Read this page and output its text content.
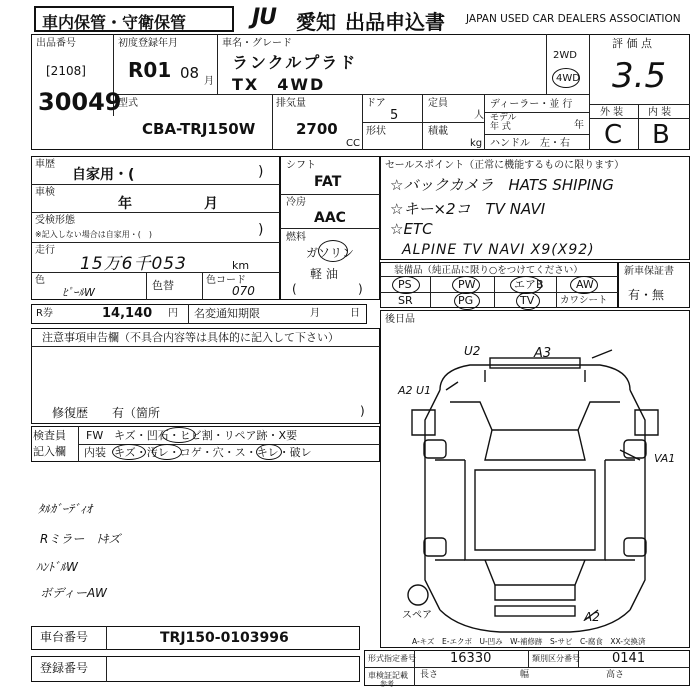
車内保管・守衛保管	JU 愛知 出品申込書 JAPAN USED CAR DEALERS ASSOCIATION
出品番号
[2108]
30049
初度登録年月
R01 08 月
車名・グレード
ランクルプラド
TX　4WD
2WD
4WD
評 価 点
3.5
外 装 内 装
C B
型式
CBA-TRJ150W
排気量
2700
CC
ドア
5
形状
定員
人
積載
kg
ディーラー・並 行
モデル
年 式	年
ハンドル　左・右
車歴
自家用・(	)
車検
年	月
受検形態
※記入しない場合は自家用・(　)	)
走行
15万6千053	km
色
ﾋﾟｰﾙW
色替	色コード
070
シフト
FAT
冷房
AAC
燃料
ガソリン
軽 油
(	)
R券	14,140 円 名変通知期限	月	日
セールスポイント（正常に機能するものに限ります）
☆バックカメラ　HATS SHIPING
☆キー×2コ　TV NAVI
☆ETC
ALPINE TV NAVI X9(X92)
装備品（純正品に限り○をつけてください）
PS	PW	エアB	AW
SR	PG	TV	カワシート
新車保証書
有・無
注意事項申告欄（不具合内容等は具体的に記入して下さい）
修復歴　　有（箇所	)
検査員
記入欄
FW キズ・凹石・ヒビ割・リペア跡・X要
内装 キズ・汚レ・コゲ・穴・ス・キレ・破レ
ﾀﾙｶﾞｰﾃﾞｨｵ
Rミラー　ﾄｷズ
ﾊﾝﾄﾞﾙW
ボディーAW
後日品
U2	A3
A2 U1
VA1
A2
スペア
A-キズ　E-エクボ　U-凹み　W-補修跡　S-サビ　C-腐食　XX-交換済
車台番号	TRJ150-0103996
登録番号
形式指定番号	16330	類別区分番号 0141
車検証記載
参考
長さ	幅	高さ
